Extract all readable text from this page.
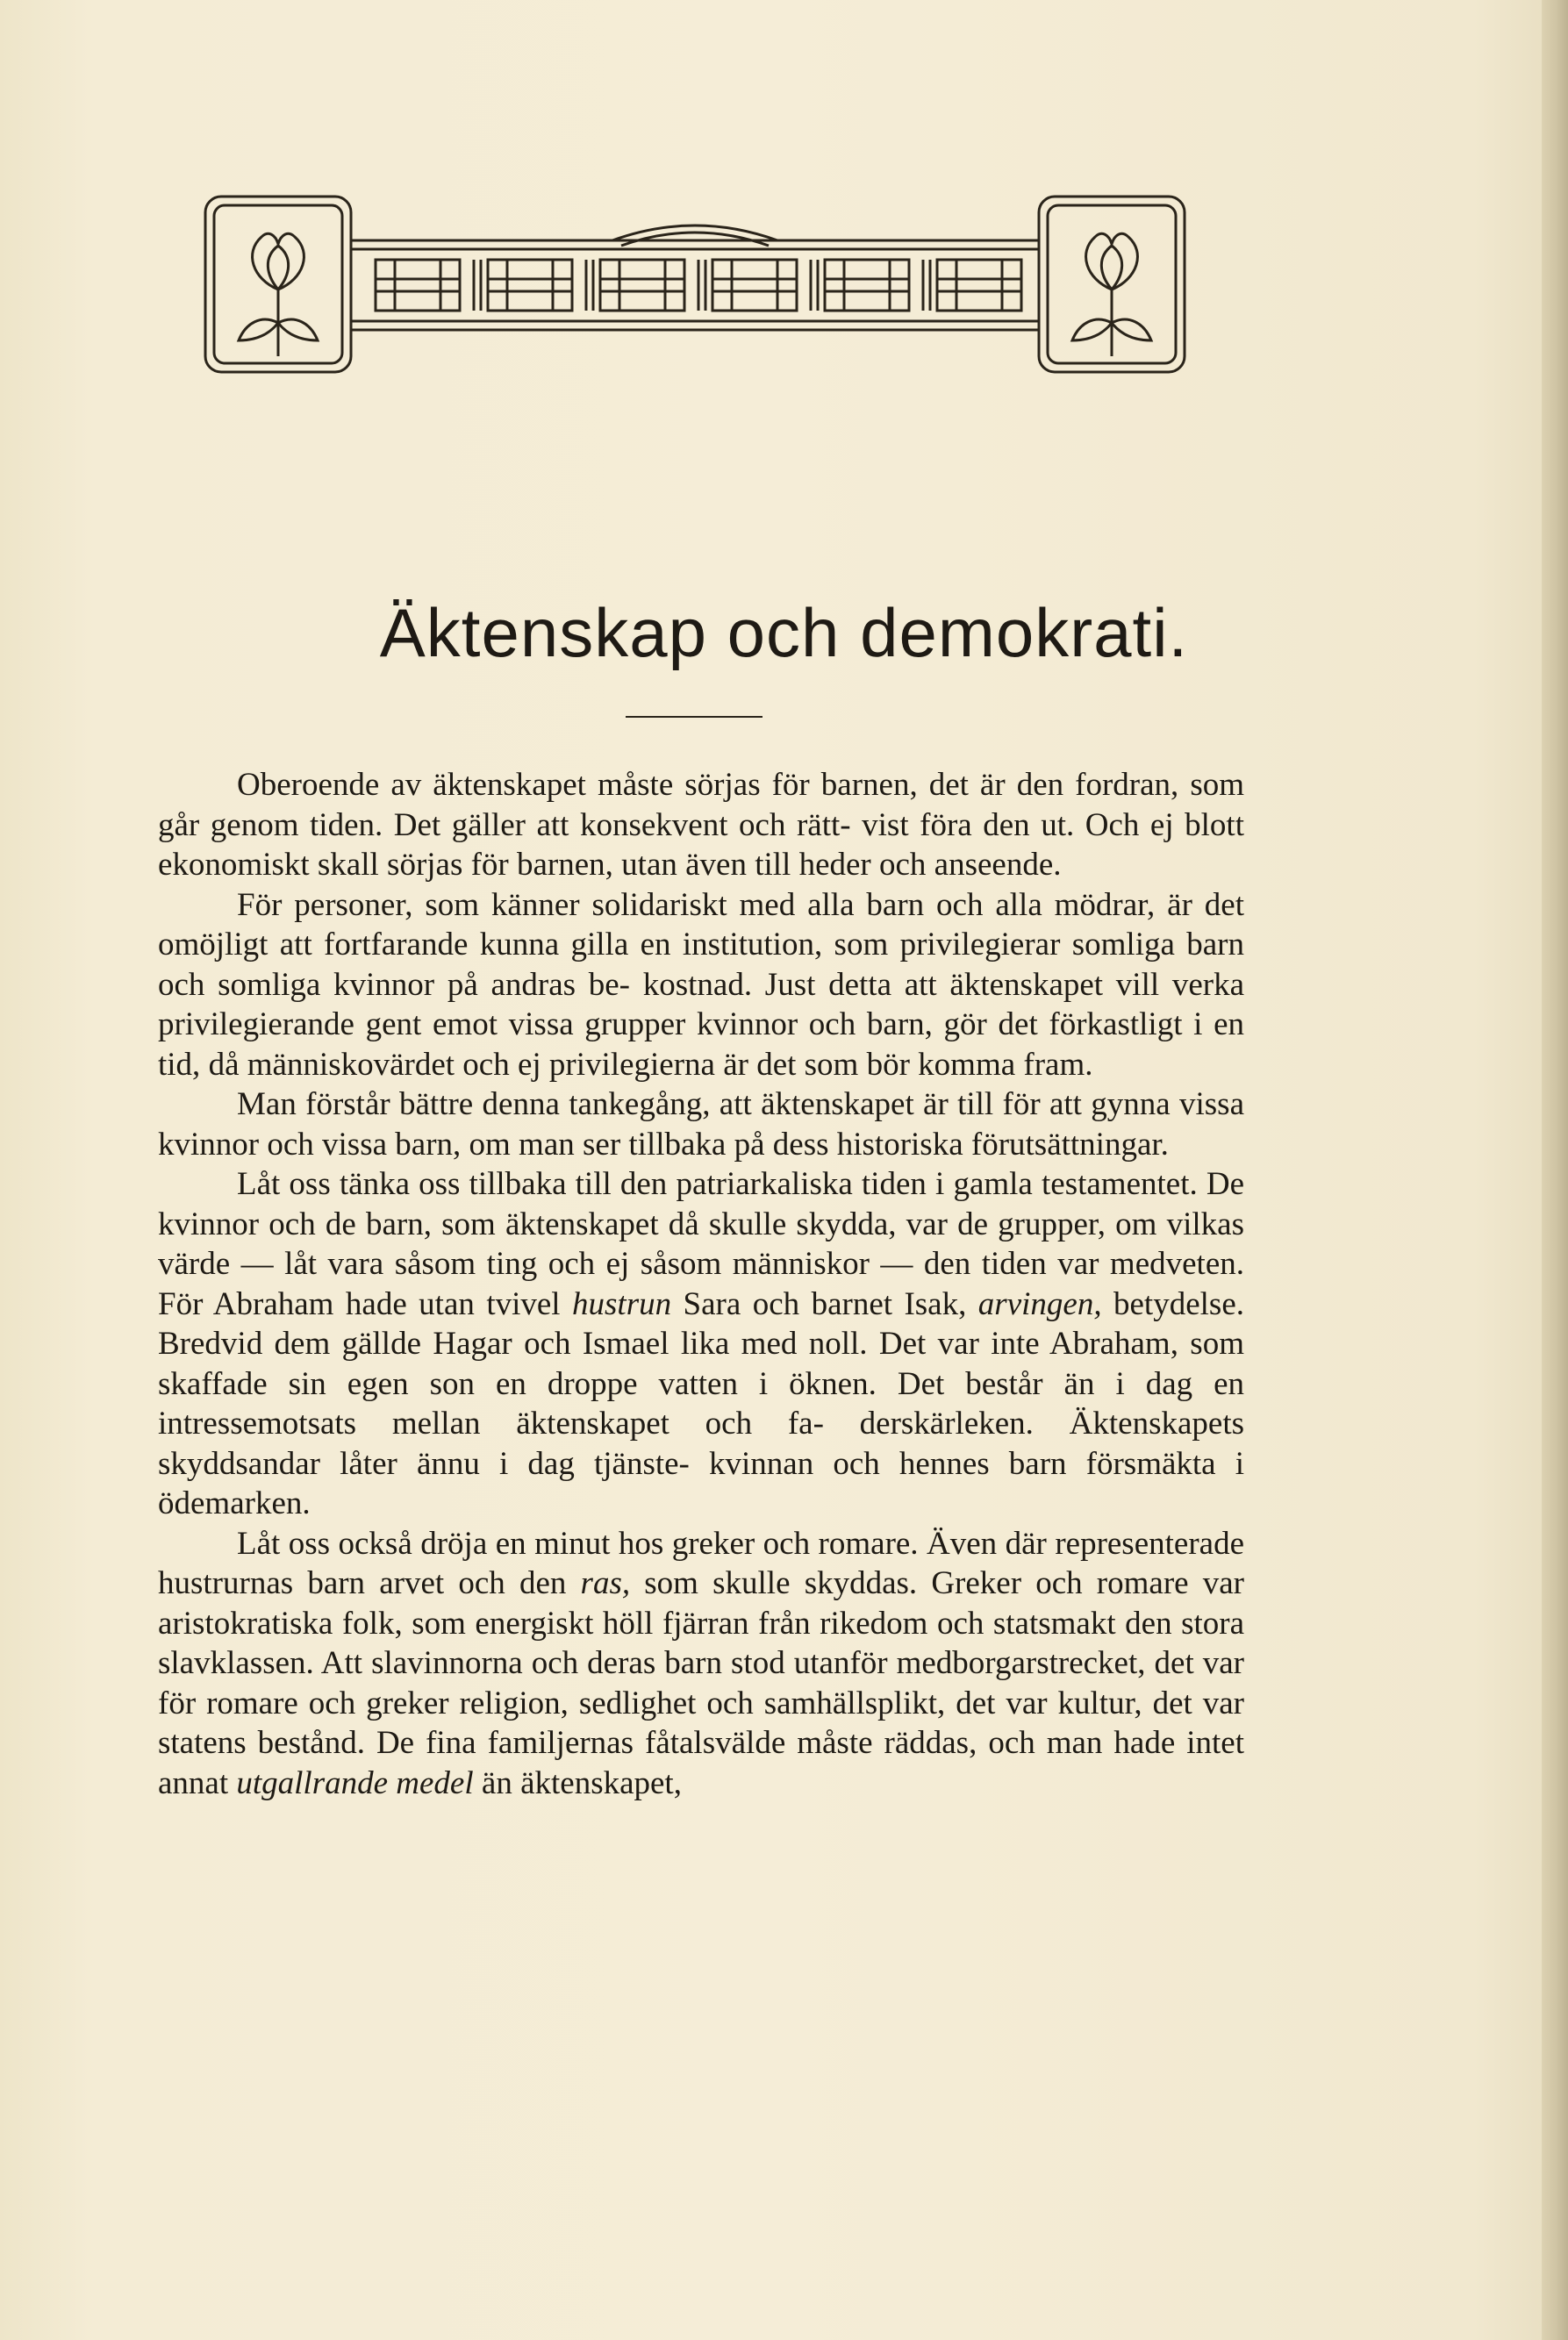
Äktenskap och demokrati.

Oberoende av äktenskapet måste sörjas för barnen, det är den fordran, som går genom tiden. Det gäller att konsekvent och rätt- vist föra den ut. Och ej blott ekonomiskt skall sörjas för barnen, utan även till heder och anseende.

För personer, som känner solidariskt med alla barn och alla mödrar, är det omöjligt att fortfarande kunna gilla en institution, som privilegierar somliga barn och somliga kvinnor på andras be- kostnad. Just detta att äktenskapet vill verka privilegierande gent emot vissa grupper kvinnor och barn, gör det förkastligt i en tid, då människovärdet och ej privilegierna är det som bör komma fram.

Man förstår bättre denna tankegång, att äktenskapet är till för att gynna vissa kvinnor och vissa barn, om man ser tillbaka på dess historiska förutsättningar.

Låt oss tänka oss tillbaka till den patriarkaliska tiden i gamla testamentet. De kvinnor och de barn, som äktenskapet då skulle skydda, var de grupper, om vilkas värde — låt vara såsom ting och ej såsom människor — den tiden var medveten. För Abraham hade utan tvivel hustrun Sara och barnet Isak, arvingen, betydelse. Bredvid dem gällde Hagar och Ismael lika med noll. Det var inte Abraham, som skaffade sin egen son en droppe vatten i öknen. Det består än i dag en intressemotsats mellan äktenskapet och fa- derskärleken. Äktenskapets skyddsandar låter ännu i dag tjänste- kvinnan och hennes barn försmäkta i ödemarken.

Låt oss också dröja en minut hos greker och romare. Även där representerade hustrurnas barn arvet och den ras, som skulle skyddas. Greker och romare var aristokratiska folk, som energiskt höll fjärran från rikedom och statsmakt den stora slavklassen. Att slavinnorna och deras barn stod utanför medborgarstrecket, det var för romare och greker religion, sedlighet och samhällsplikt, det var kultur, det var statens bestånd. De fina familjernas fåtalsvälde måste räddas, och man hade intet annat utgallrande medel än äktenskapet,
